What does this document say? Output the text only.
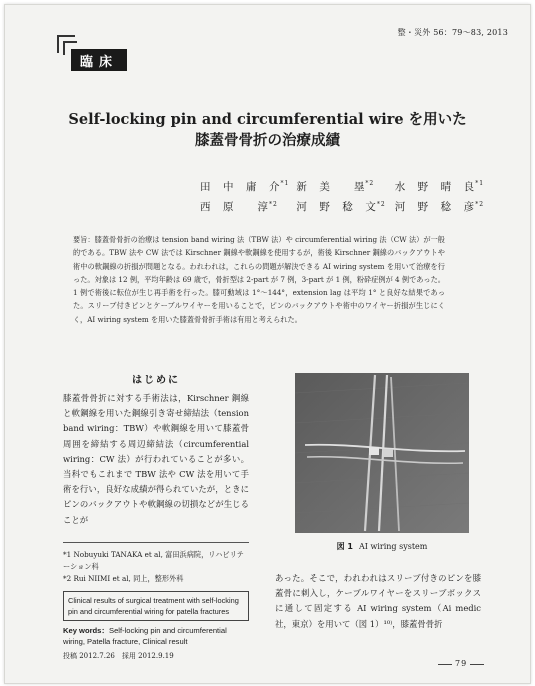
整・災外 56：79～83, 2013
臨床
Self-locking pin and circumferential wire を用いた
膝蓋骨骨折の治療成績
田　中　庸　介$^{*1}$ 新　美　　塁$^{*2}$ 水　野　晴　良$^{*1}$
西　原　　淳$^{*2}$ 河　野　稔　文$^{*2}$ 河　野　稔　彦$^{*2}$
要旨：膝蓋骨骨折の治療は tension band wiring 法（TBW 法）や circumferential wiring 法（CW 法）が一般的である。TBW 法や CW 法では Kirschner 鋼線や軟鋼線を使用するが，術後 Kirschner 鋼線のバックアウトや術中の軟鋼線の折損が問題となる。われわれは，これらの問題が解決できる AI wiring system を用いて治療を行った。対象は 12 例，平均年齢は 69 歳で，骨折型は 2-part が 7 例，3-part が 1 例，粉砕症例が 4 例であった。1 例で術後に転位が生じ再手術を行った。膝可動域は 1°～144°，extension lag は平均 1° と良好な結果であった。スリーブ付きピンとケーブルワイヤーを用いることで，ピンのバックアウトや術中のワイヤー折損が生じにくく，AI wiring system を用いた膝蓋骨骨折手術は有用と考えられた。
はじめに
膝蓋骨骨折に対する手術法は，Kirschner 鋼線と軟鋼線を用いた鋼線引き寄せ締結法（tension band wiring：TBW）や軟鋼線を用いて膝蓋骨周囲を締結する周辺締結法（circumferential wiring：CW 法）が行われていることが多い。当科でもこれまで TBW 法や CW 法を用いて手術を行い，良好な成績が得られていたが，ときにピンのバックアウトや軟鋼線の切損などが生じることが
*1 Nobuyuki TANAKA et al, 富田浜病院，リハビリテーション科
*2 Rui NIIMI et al, 同上，整形外科
Clinical results of surgical treatment with self-locking pin and circumferential wiring for patella fractures
Key words：Self-locking pin and circumferential wiring, Patella fracture, Clinical result
投稿 2012.7.26　採用 2012.9.19
図 1 AI wiring system
あった。そこで，われわれはスリーブ付きのピンを膝蓋骨に刺入し，ケーブルワイヤーをスリーブボックスに通して固定する AI wiring system（Ai medic 社，東京）を用いて（図 1）¹⁰⁾，膝蓋骨骨折
79
